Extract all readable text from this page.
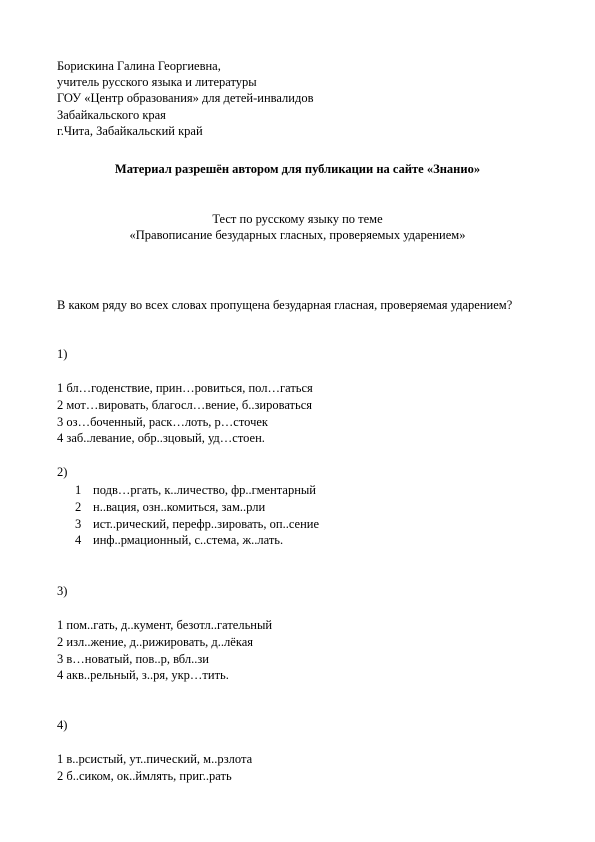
Борискина Галина Георгиевна,
учитель русского языка и литературы
ГОУ «Центр образования» для детей-инвалидов
Забайкальского края
г.Чита, Забайкальский край
Материал разрешён автором для публикации на сайте «Знанио»
Тест по русскому языку по теме
«Правописание безударных гласных, проверяемых ударением»
В каком ряду во всех словах пропущена безударная гласная, проверяемая ударением?
1)
1 бл…годенствие, прин…ровиться, пол…гаться
2 мот…вировать, благосл…вение, б..зироваться
3 оз…боченный, раск…лоть, р…сточек
4 заб..левание, обр..зцовый, уд…стоен.
2)
1 подв…ргать, к..личество, фр..гментарный
2 н..вация, озн..комиться, зам..рли
3 ист..рический, перефр..зировать, оп..сение
4 инф..рмационный, с..стема, ж..лать.
3)
1 пом..гать, д..кумент, безотл..гательный
2 изл..жение, д..рижировать, д..лёкая
3 в…новатый, пов..р, вбл..зи
4 акв..рельный, з..ря, укр…тить.
4)
1 в..рсистый, ут..пический, м..рзлота
2 б..сиком, ок..ймлять, приг..рать
